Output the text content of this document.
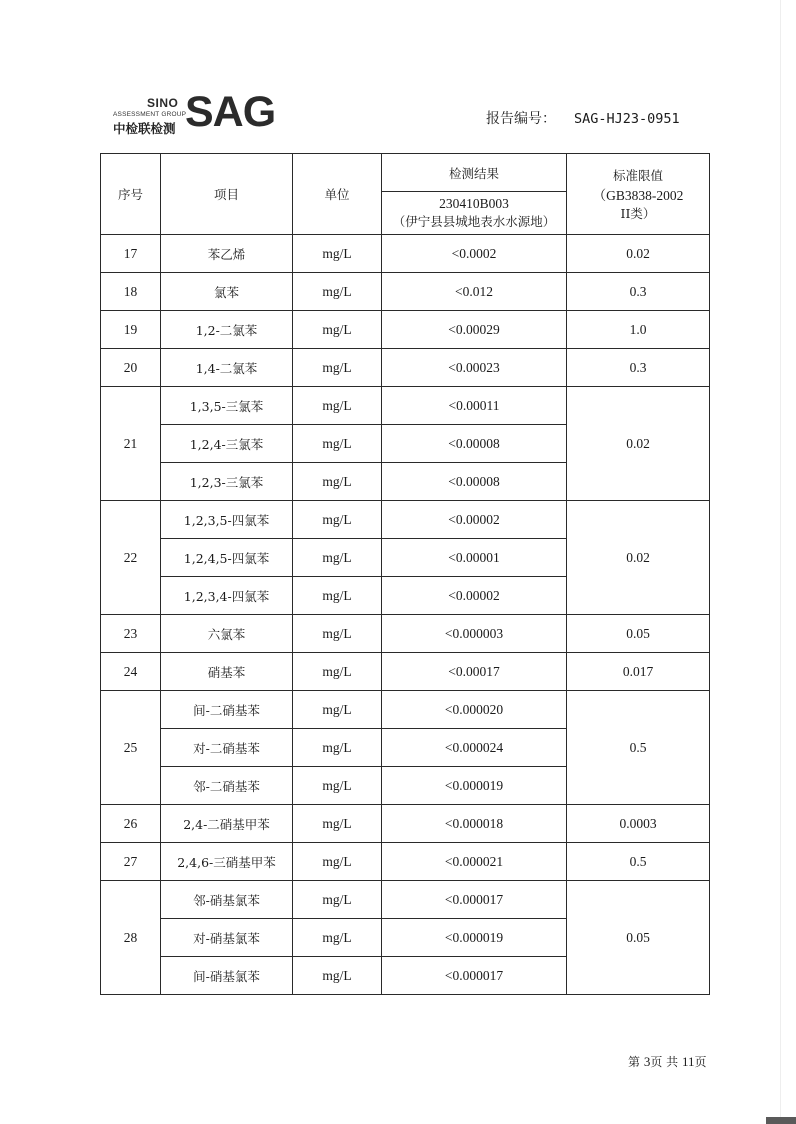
SINO
ASSESSMENT GROUP
中检联检测 SAG	报告编号： SAG-HJ23-0951
序号	项目	单位	检测结果	标准限值
（GB3838-2002
II类）

			230410B003
（伊宁县县城地表水水源地）	

17	苯乙烯	mg/L	<0.0002	0.02
18	氯苯	mg/L	<0.012	0.3
19	1,2-二氯苯	mg/L	<0.00029	1.0
20	1,4-二氯苯	mg/L	<0.00023	0.3
21	1,3,5-三氯苯	mg/L	<0.00011	0.02
	1,2,4-三氯苯	mg/L	<0.00008	
	1,2,3-三氯苯	mg/L	<0.00008	
22	1,2,3,5-四氯苯	mg/L	<0.00002	0.02
	1,2,4,5-四氯苯	mg/L	<0.00001	
	1,2,3,4-四氯苯	mg/L	<0.00002	
23	六氯苯	mg/L	<0.000003	0.05
24	硝基苯	mg/L	<0.00017	0.017
25	间-二硝基苯	mg/L	<0.000020	0.5
	对-二硝基苯	mg/L	<0.000024	
	邻-二硝基苯	mg/L	<0.000019	
26	2,4-二硝基甲苯	mg/L	<0.000018	0.0003
27	2,4,6-三硝基甲苯	mg/L	<0.000021	0.5
28	邻-硝基氯苯	mg/L	<0.000017	0.05
	对-硝基氯苯	mg/L	<0.000019	
	间-硝基氯苯	mg/L	<0.000017	
第 3页 共 11页
